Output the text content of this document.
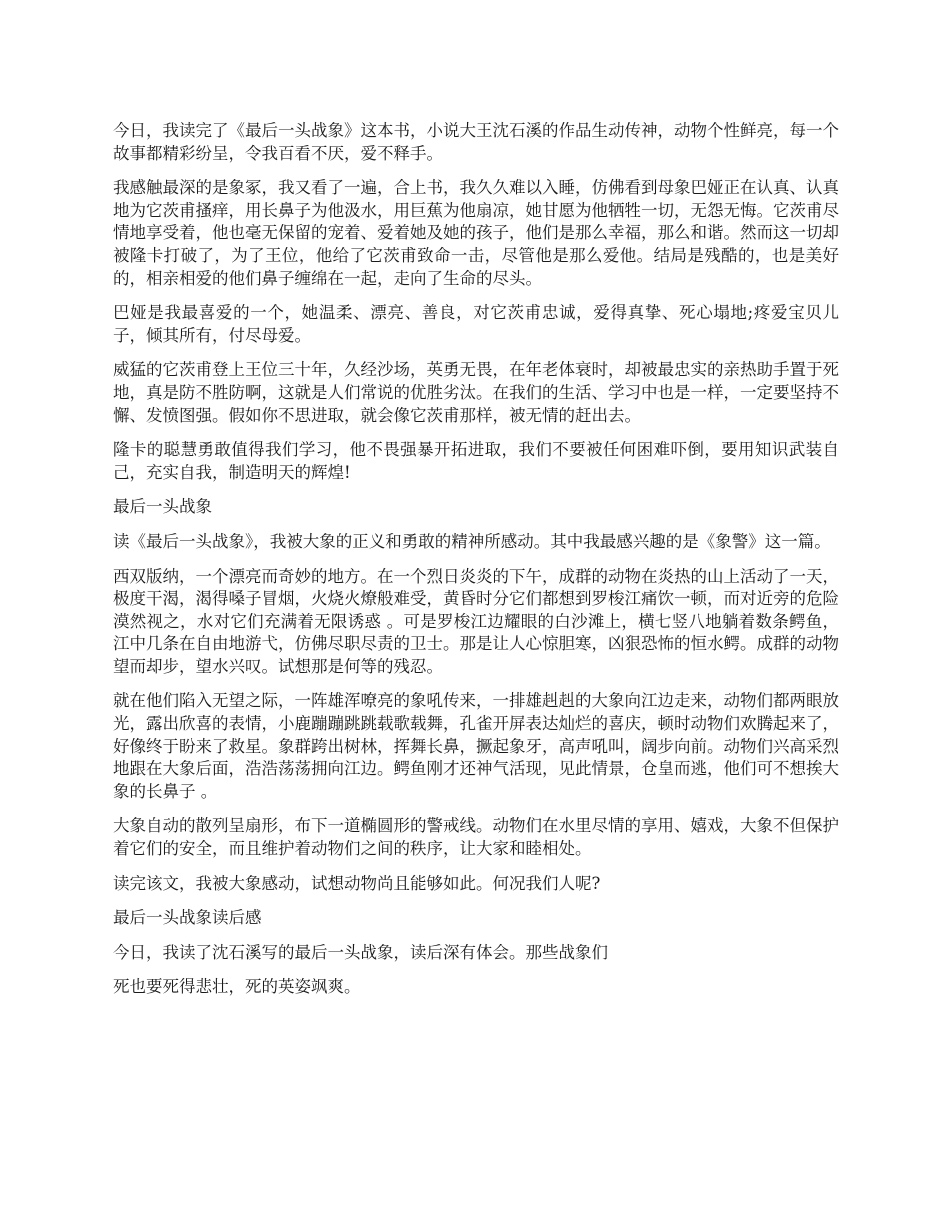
今日，我读完了《最后一头战象》这本书，小说大王沈石溪的作品生动传神，动物个性鲜亮，每一个故事都精彩纷呈，令我百看不厌，爱不释手。

我感触最深的是象冢，我又看了一遍，合上书，我久久难以入睡，仿佛看到母象巴娅正在认真、认真地为它茨甫搔痒，用长鼻子为他汲水，用巨蕉为他扇凉，她甘愿为他牺牲一切，无怨无悔。它茨甫尽情地享受着，他也毫无保留的宠着、爱着她及她的孩子，他们是那么幸福，那么和谐。然而这一切却被隆卡打破了，为了王位，他给了它茨甫致命一击，尽管他是那么爱他。结局是残酷的，也是美好的，相亲相爱的他们鼻子缠绵在一起，走向了生命的尽头。

巴娅是我最喜爱的一个，她温柔、漂亮、善良，对它茨甫忠诚，爱得真挚、死心塌地;疼爱宝贝儿子，倾其所有，付尽母爱。

威猛的它茨甫登上王位三十年，久经沙场，英勇无畏，在年老体衰时，却被最忠实的亲热助手置于死地，真是防不胜防啊，这就是人们常说的优胜劣汰。在我们的生活、学习中也是一样，一定要坚持不懈、发愤图强。假如你不思进取，就会像它茨甫那样，被无情的赶出去。

隆卡的聪慧勇敢值得我们学习，他不畏强暴开拓进取，我们不要被任何困难吓倒，要用知识武装自己，充实自我，制造明天的辉煌!

最后一头战象

读《最后一头战象》，我被大象的正义和勇敢的精神所感动。其中我最感兴趣的是《象警》这一篇。

西双版纳，一个漂亮而奇妙的地方。在一个烈日炎炎的下午，成群的动物在炎热的山上活动了一天，极度干渴，渴得嗓子冒烟，火烧火燎般难受，黄昏时分它们都想到罗梭江痛饮一顿，而对近旁的危险漠然视之，水对它们充满着无限诱惑 。可是罗梭江边耀眼的白沙滩上，横七竖八地躺着数条鳄鱼，江中几条在自由地游弋，仿佛尽职尽责的卫士。那是让人心惊胆寒，凶狠恐怖的恒水鳄。成群的动物望而却步，望水兴叹。试想那是何等的残忍。

就在他们陷入无望之际，一阵雄浑嘹亮的象吼传来，一排雄赳赳的大象向江边走来，动物们都两眼放光，露出欣喜的表情，小鹿蹦蹦跳跳载歌载舞，孔雀开屏表达灿烂的喜庆，顿时动物们欢腾起来了，好像终于盼来了救星。象群跨出树林，挥舞长鼻，撅起象牙，高声吼叫，阔步向前。动物们兴高采烈地跟在大象后面，浩浩荡荡拥向江边。鳄鱼刚才还神气活现，见此情景，仓皇而逃，他们可不想挨大象的长鼻子 。

大象自动的散列呈扇形，布下一道椭圆形的警戒线。动物们在水里尽情的享用、嬉戏，大象不但保护着它们的安全，而且维护着动物们之间的秩序，让大家和睦相处。

读完该文，我被大象感动，试想动物尚且能够如此。何况我们人呢?

最后一头战象读后感

今日，我读了沈石溪写的最后一头战象，读后深有体会。那些战象们

死也要死得悲壮，死的英姿飒爽。
